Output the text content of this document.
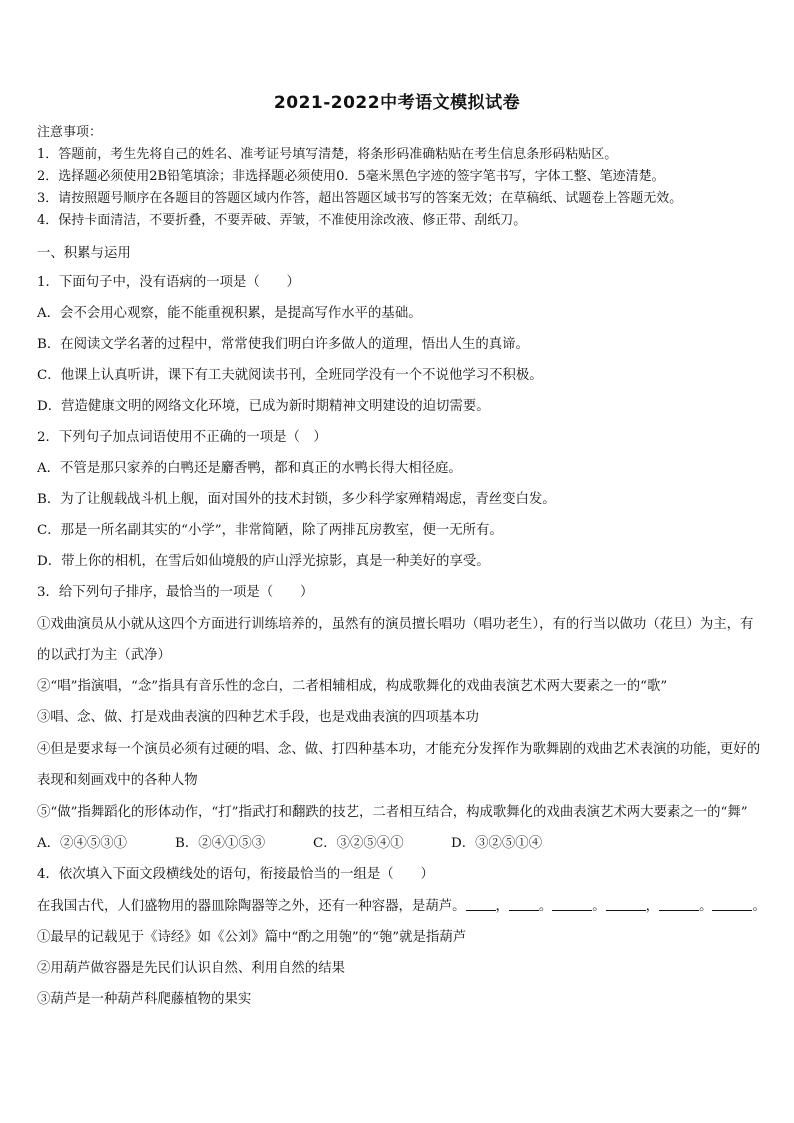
2021-2022中考语文模拟试卷
注意事项：
1．答题前，考生先将自己的姓名、准考证号填写清楚，将条形码准确粘贴在考生信息条形码粘贴区。
2．选择题必须使用2B铅笔填涂；非选择题必须使用0．5毫米黑色字迹的签字笔书写，字体工整、笔迹清楚。
3．请按照题号顺序在各题目的答题区域内作答，超出答题区域书写的答案无效；在草稿纸、试题卷上答题无效。
4．保持卡面清洁，不要折叠，不要弄破、弄皱，不准使用涂改液、修正带、刮纸刀。
一、积累与运用
1．下面句子中，没有语病的一项是（　　）
A．会不会用心观察，能不能重视积累，是提高写作水平的基础。
B．在阅读文学名著的过程中，常常使我们明白许多做人的道理，悟出人生的真谛。
C．他课上认真听讲，课下有工夫就阅读书刊，全班同学没有一个不说他学习不积极。
D．营造健康文明的网络文化环境，已成为新时期精神文明建设的迫切需要。
2．下列句子加点词语使用不正确的一项是（　）
A．不管是那只家养的白鸭还是麝香鸭，都和真正的水鸭长得大相径庭。
B．为了让舰载战斗机上舰，面对国外的技术封锁，多少科学家殚精竭虑，青丝变白发。
C．那是一所名副其实的“小学”，非常简陋，除了两排瓦房教室，便一无所有。
D．带上你的相机，在雪后如仙境般的庐山浮光掠影，真是一种美好的享受。
3．给下列句子排序，最恰当的一项是（　　）
①戏曲演员从小就从这四个方面进行训练培养的，虽然有的演员擅长唱功（唱功老生），有的行当以做功（花旦）为主，有的以武打为主（武净）
②“唱”指演唱，“念”指具有音乐性的念白，二者相辅相成，构成歌舞化的戏曲表演艺术两大要素之一的“歌”
③唱、念、做、打是戏曲表演的四种艺术手段，也是戏曲表演的四项基本功
④但是要求每一个演员必须有过硬的唱、念、做、打四种基本功，才能充分发挥作为歌舞剧的戏曲艺术表演的功能，更好的表现和刻画戏中的各种人物
⑤“做”指舞蹈化的形体动作，“打”指武打和翻跌的技艺，二者相互结合，构成歌舞化的戏曲表演艺术两大要素之一的“舞”
A．②④⑤③①	B．②④①⑤③	C．③②⑤④①	D．③②⑤①④
4．依次填入下面文段横线处的语句，衔接最恰当的一组是（　　）
在我国古代，人们盛物用的器皿除陶器等之外，还有一种容器，是葫芦。 ， 。	。	，	。	。
①最早的记载见于《诗经》如《公刘》篇中“酌之用匏”的“匏”就是指葫芦
②用葫芦做容器是先民们认识自然、利用自然的结果
③葫芦是一种葫芦科爬藤植物的果实
